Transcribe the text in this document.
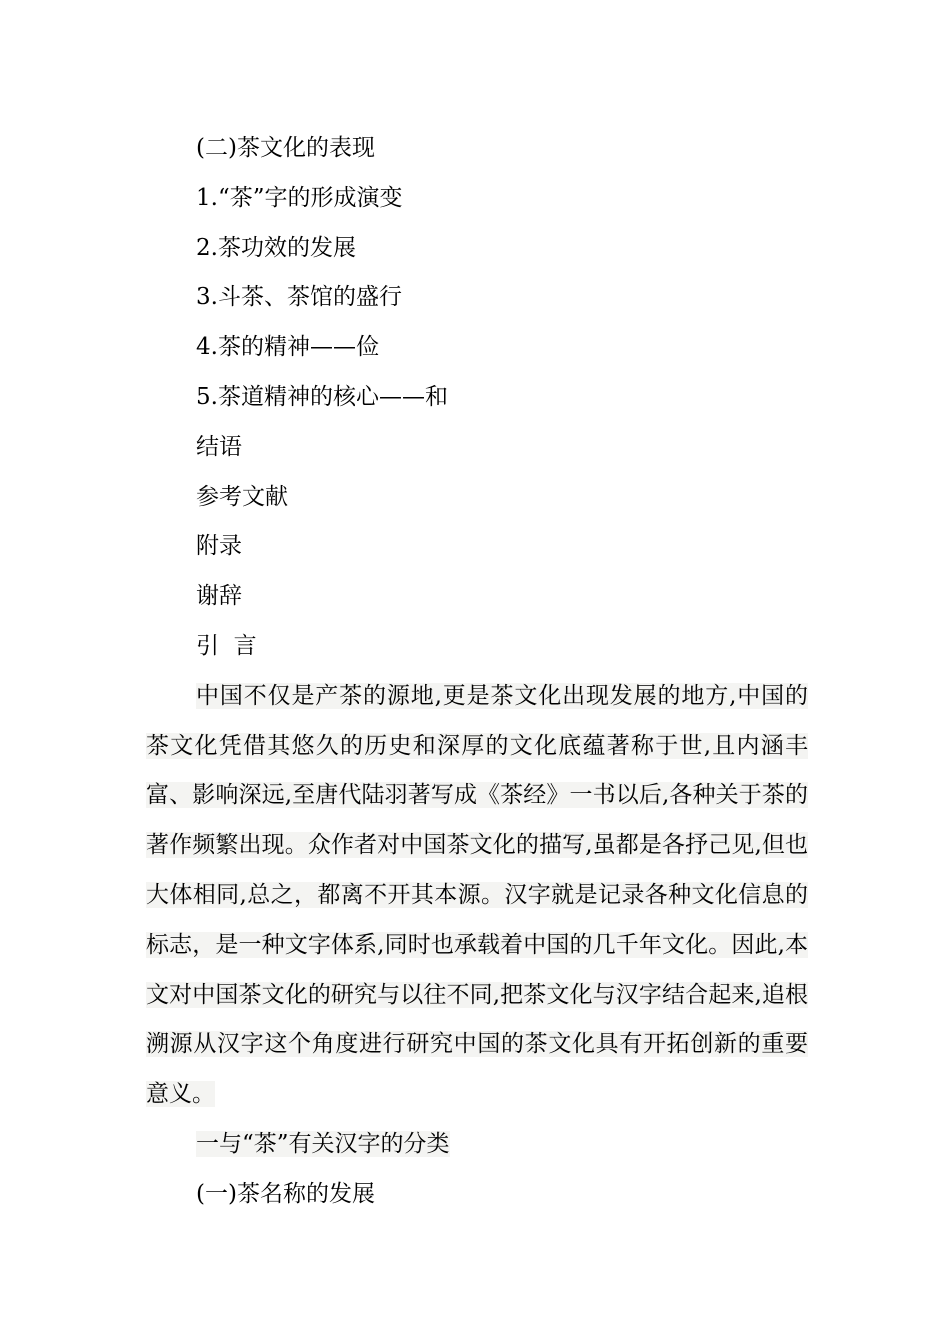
(二)茶文化的表现
1.“茶”字的形成演变
2.茶功效的发展
3.斗茶、茶馆的盛行
4.茶的精神——俭
5.茶道精神的核心——和
结语
参考文献
附录
谢辞
引  言

中国不仅是产茶的源地,更是茶文化出现发展的地方,中国的茶文化凭借其悠久的历史和深厚的文化底蕴著称于世,且内涵丰富、影响深远,至唐代陆羽著写成《茶经》一书以后,各种关于茶的著作频繁出现。众作者对中国茶文化的描写,虽都是各抒己见,但也大体相同,总之，都离不开其本源。汉字就是记录各种文化信息的标志，是一种文字体系,同时也承载着中国的几千年文化。因此,本文对中国茶文化的研究与以往不同,把茶文化与汉字结合起来,追根溯源从汉字这个角度进行研究中国的茶文化具有开拓创新的重要意义。

一与“茶”有关汉字的分类
(一)茶名称的发展
